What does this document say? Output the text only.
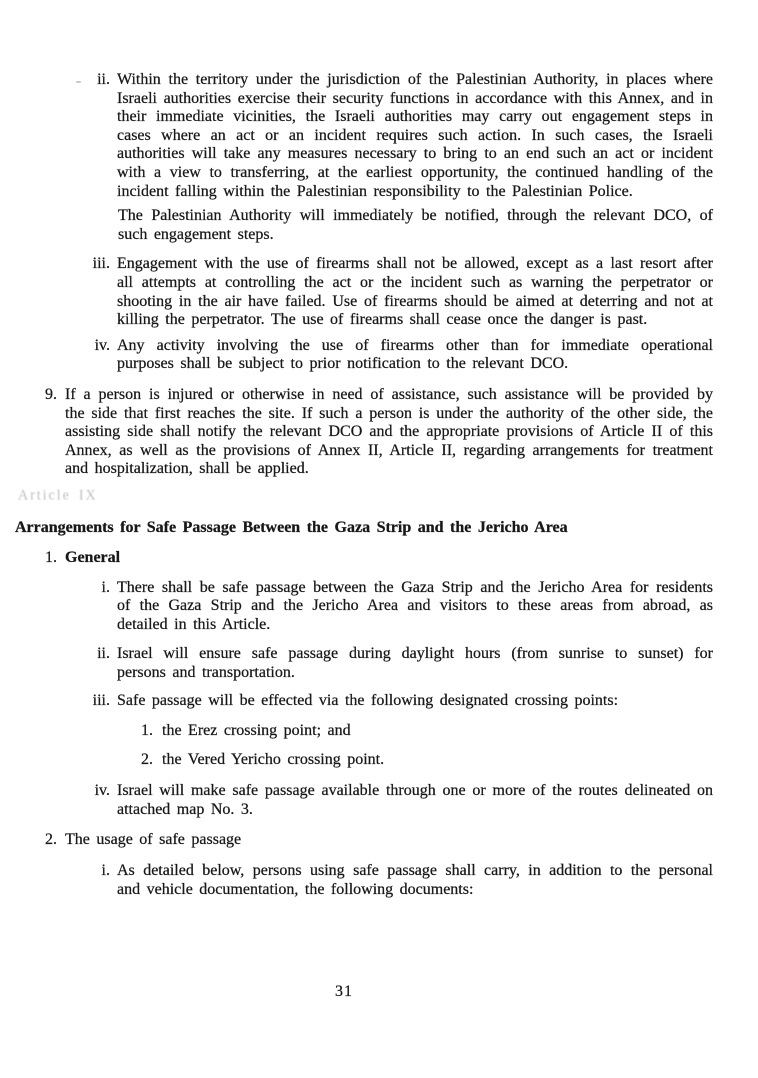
ii. Within the territory under the jurisdiction of the Palestinian Authority, in places where Israeli authorities exercise their security functions in accordance with this Annex, and in their immediate vicinities, the Israeli authorities may carry out engagement steps in cases where an act or an incident requires such action. In such cases, the Israeli authorities will take any measures necessary to bring to an end such an act or incident with a view to transferring, at the earliest opportunity, the continued handling of the incident falling within the Palestinian responsibility to the Palestinian Police.
The Palestinian Authority will immediately be notified, through the relevant DCO, of such engagement steps.
iii. Engagement with the use of firearms shall not be allowed, except as a last resort after all attempts at controlling the act or the incident such as warning the perpetrator or shooting in the air have failed. Use of firearms should be aimed at deterring and not at killing the perpetrator. The use of firearms shall cease once the danger is past.
iv. Any activity involving the use of firearms other than for immediate operational purposes shall be subject to prior notification to the relevant DCO.
9. If a person is injured or otherwise in need of assistance, such assistance will be provided by the side that first reaches the site. If such a person is under the authority of the other side, the assisting side shall notify the relevant DCO and the appropriate provisions of Article II of this Annex, as well as the provisions of Annex II, Article II, regarding arrangements for treatment and hospitalization, shall be applied.
Article IX
Arrangements for Safe Passage Between the Gaza Strip and the Jericho Area
1. General
i. There shall be safe passage between the Gaza Strip and the Jericho Area for residents of the Gaza Strip and the Jericho Area and visitors to these areas from abroad, as detailed in this Article.
ii. Israel will ensure safe passage during daylight hours (from sunrise to sunset) for persons and transportation.
iii. Safe passage will be effected via the following designated crossing points:
1. the Erez crossing point; and
2. the Vered Yericho crossing point.
iv. Israel will make safe passage available through one or more of the routes delineated on attached map No. 3.
2. The usage of safe passage
i. As detailed below, persons using safe passage shall carry, in addition to the personal and vehicle documentation, the following documents:
31
